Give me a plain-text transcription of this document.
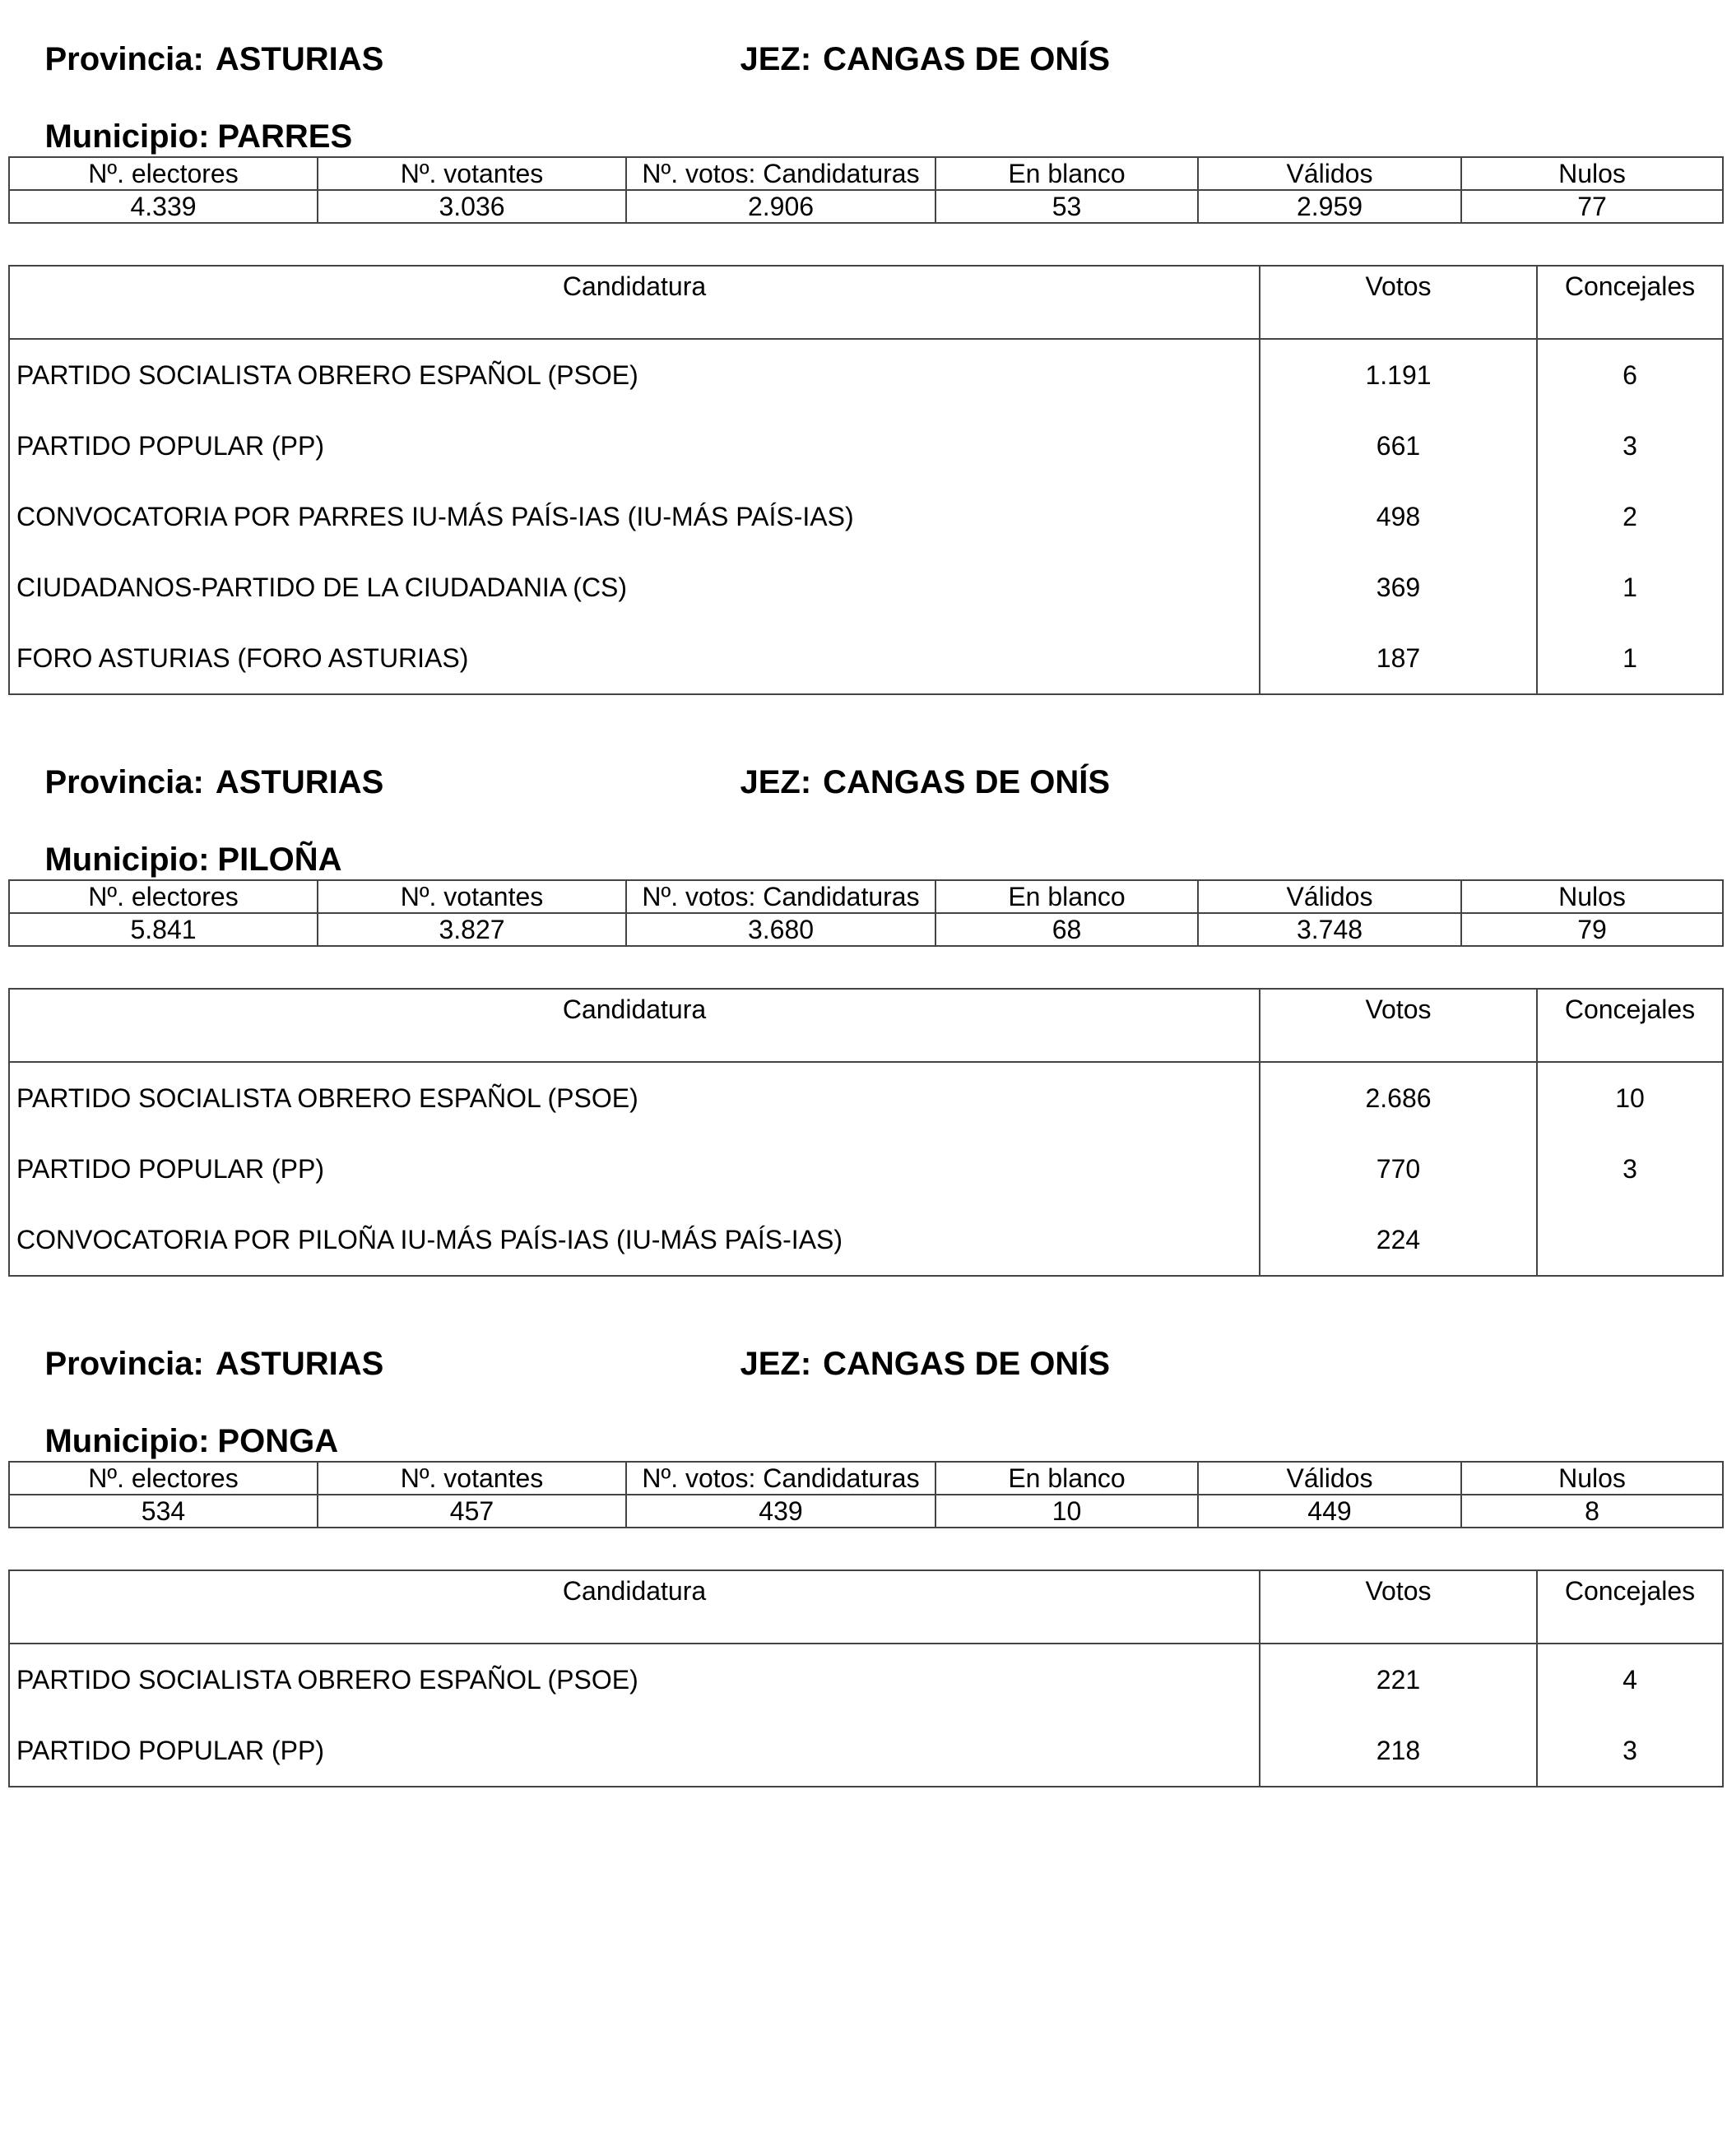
Provincia: ASTURIAS
	JEZ: CANGAS DE ONÍS

Municipio: PARRES

Nº. electores	Nº. votantes	Nº. votos: Candidaturas	En blanco	Válidos	Nulos
4.339	3.036	2.906	53	2.959	77
Candidatura	Votos	Concejales
PARTIDO SOCIALISTA OBRERO ESPAÑOL (PSOE)	1.191	6
PARTIDO POPULAR (PP)	661	3
CONVOCATORIA POR PARRES IU-MÁS PAÍS-IAS (IU-MÁS PAÍS-IAS)	498	2
CIUDADANOS-PARTIDO DE LA CIUDADANIA (CS)	369	1
FORO ASTURIAS (FORO ASTURIAS)	187	1

Provincia: ASTURIAS
	JEZ: CANGAS DE ONÍS

Municipio: PILOÑA

Nº. electores	Nº. votantes	Nº. votos: Candidaturas	En blanco	Válidos	Nulos
5.841	3.827	3.680	68	3.748	79
Candidatura	Votos	Concejales
PARTIDO SOCIALISTA OBRERO ESPAÑOL (PSOE)	2.686	10
PARTIDO POPULAR (PP)	770	3
CONVOCATORIA POR PILOÑA IU-MÁS PAÍS-IAS (IU-MÁS PAÍS-IAS)	224	

Provincia: ASTURIAS
	JEZ: CANGAS DE ONÍS

Municipio: PONGA

Nº. electores	Nº. votantes	Nº. votos: Candidaturas	En blanco	Válidos	Nulos
534	457	439	10	449	8
Candidatura	Votos	Concejales
PARTIDO SOCIALISTA OBRERO ESPAÑOL (PSOE)	221	4
PARTIDO POPULAR (PP)	218	3
